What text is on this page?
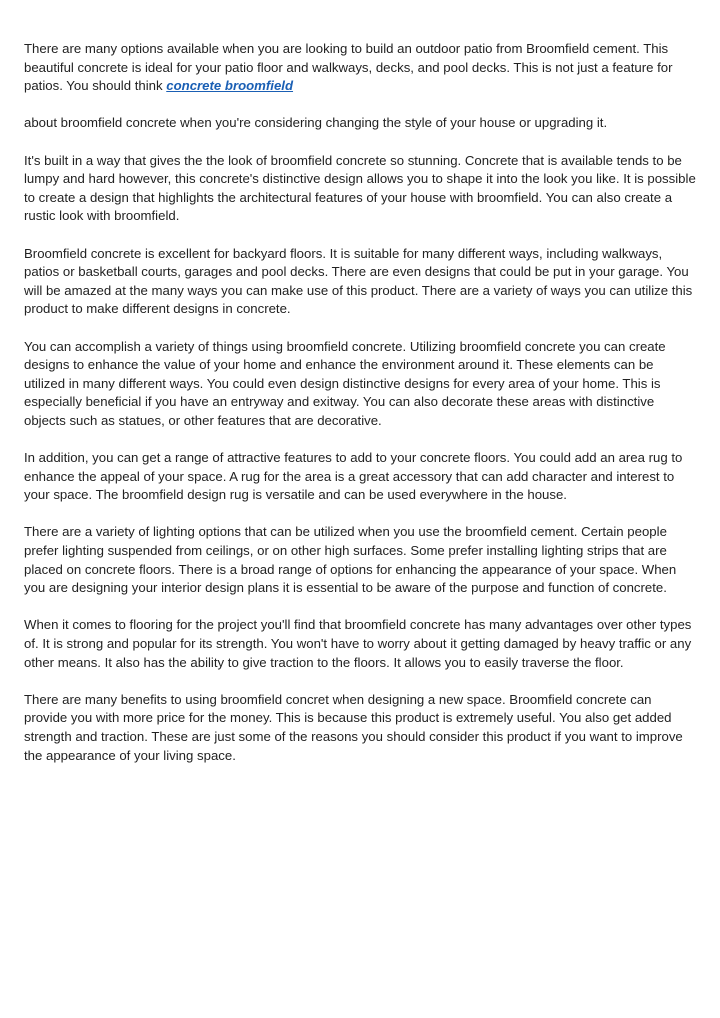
There are many options available when you are looking to build an outdoor patio from Broomfield cement. This beautiful concrete is ideal for your patio floor and walkways, decks, and pool decks. This is not just a feature for patios. You should think concrete broomfield

about broomfield concrete when you're considering changing the style of your house or upgrading it.

It's built in a way that gives the the look of broomfield concrete so stunning. Concrete that is available tends to be lumpy and hard however, this concrete's distinctive design allows you to shape it into the look you like. It is possible to create a design that highlights the architectural features of your house with broomfield. You can also create a rustic look with broomfield.

Broomfield concrete is excellent for backyard floors. It is suitable for many different ways, including walkways, patios or basketball courts, garages and pool decks. There are even designs that could be put in your garage. You will be amazed at the many ways you can make use of this product. There are a variety of ways you can utilize this product to make different designs in concrete.

You can accomplish a variety of things using broomfield concrete. Utilizing broomfield concrete you can create designs to enhance the value of your home and enhance the environment around it. These elements can be utilized in many different ways. You could even design distinctive designs for every area of your home. This is especially beneficial if you have an entryway and exitway. You can also decorate these areas with distinctive objects such as statues, or other features that are decorative.

In addition, you can get a range of attractive features to add to your concrete floors. You could add an area rug to enhance the appeal of your space. A rug for the area is a great accessory that can add character and interest to your space. The broomfield design rug is versatile and can be used everywhere in the house.

There are a variety of lighting options that can be utilized when you use the broomfield cement. Certain people prefer lighting suspended from ceilings, or on other high surfaces. Some prefer installing lighting strips that are placed on concrete floors. There is a broad range of options for enhancing the appearance of your space. When you are designing your interior design plans it is essential to be aware of the purpose and function of concrete.

When it comes to flooring for the project you'll find that broomfield concrete has many advantages over other types of. It is strong and popular for its strength. You won't have to worry about it getting damaged by heavy traffic or any other means. It also has the ability to give traction to the floors. It allows you to easily traverse the floor.

There are many benefits to using broomfield concret when designing a new space. Broomfield concrete can provide you with more price for the money. This is because this product is extremely useful. You also get added strength and traction. These are just some of the reasons you should consider this product if you want to improve the appearance of your living space.
